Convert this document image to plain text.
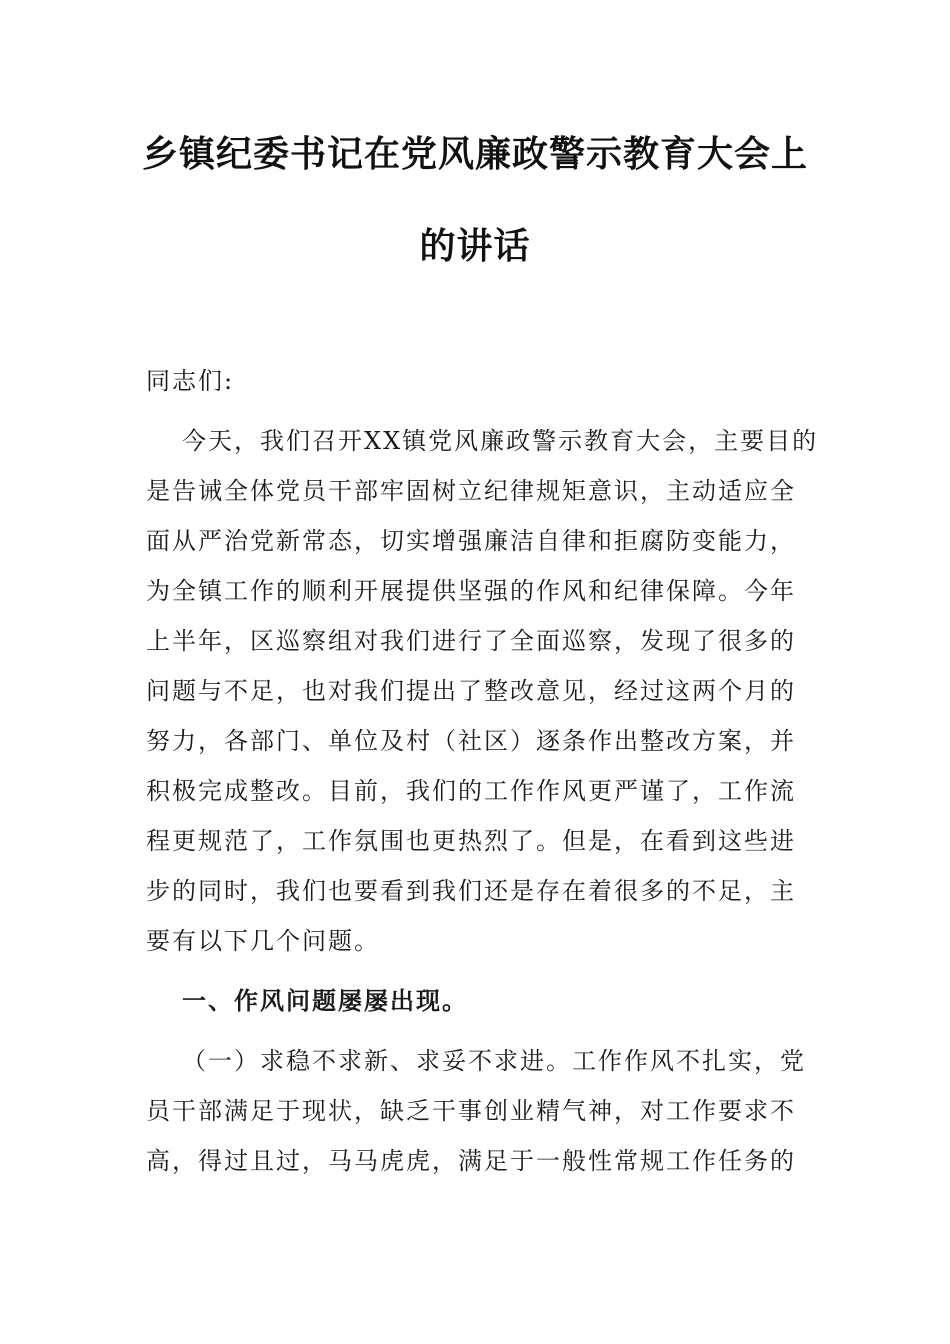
乡镇纪委书记在党风廉政警示教育大会上
的讲话
同志们:
今天，我们召开XX镇党风廉政警示教育大会，主要目的
是告诫全体党员干部牢固树立纪律规矩意识，主动适应全
面从严治党新常态，切实增强廉洁自律和拒腐防变能力，
为全镇工作的顺利开展提供坚强的作风和纪律保障。今年
上半年，区巡察组对我们进行了全面巡察，发现了很多的
问题与不足，也对我们提出了整改意见，经过这两个月的
努力，各部门、单位及村（社区）逐条作出整改方案，并
积极完成整改。目前，我们的工作作风更严谨了，工作流
程更规范了，工作氛围也更热烈了。但是，在看到这些进
步的同时，我们也要看到我们还是存在着很多的不足，主
要有以下几个问题。
一、作风问题屡屡出现。
（一）求稳不求新、求妥不求进。工作作风不扎实，党
员干部满足于现状，缺乏干事创业精气神，对工作要求不
高，得过且过，马马虎虎，满足于一般性常规工作任务的
